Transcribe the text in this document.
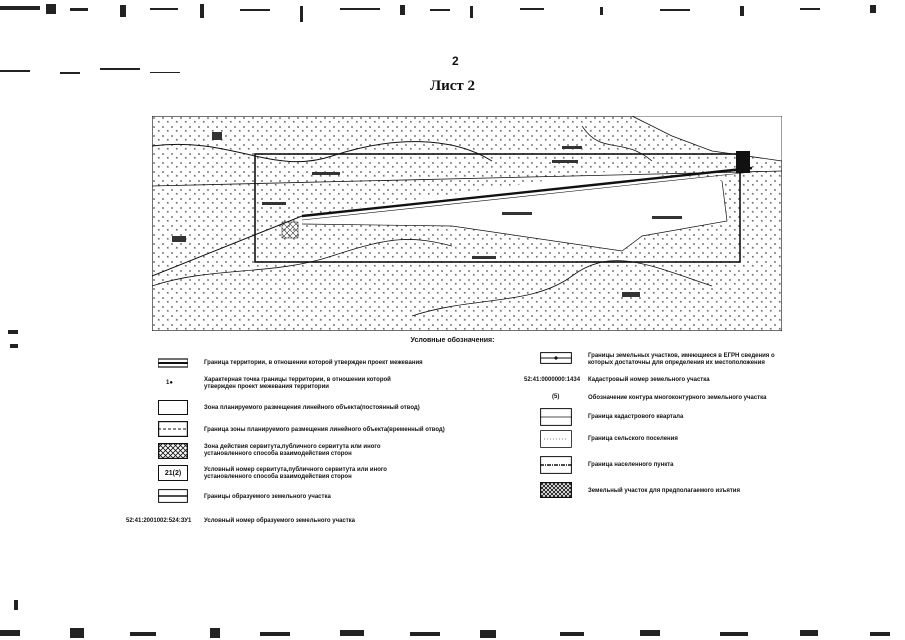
2
Лист 2
Условные обозначения:
Граница территории, в отношении которой утвержден проект межевания
1●	Характерная точка границы территории, в отношении которой утвержден проект межевания территории
Зона планируемого размещения линейного объекта(постоянный отвод)
Граница зоны планируемого размещения линейного объекта(временный отвод)
Зона действия сервитута,публичного сервитута или иного установленного способа взаимодействия сторон
21(2)	Условный номер сервитута,публичного сервитута или иного установленного способа взаимодействия сторон
Границы образуемого земельного участка
52:41:2001002:524:ЗУ1 Условный номер образуемого земельного участка
Границы земельных участков, имеющиеся в ЕГРН сведения о которых достаточны для определения их местоположения
52:41:0000000:1434 Кадастровый номер земельного участка
(5)	Обозначение контура многоконтурного земельного участка
Граница кадастрового квартала
Граница сельского поселения
Граница населенного пункта
Земельный участок для предполагаемого изъятия
